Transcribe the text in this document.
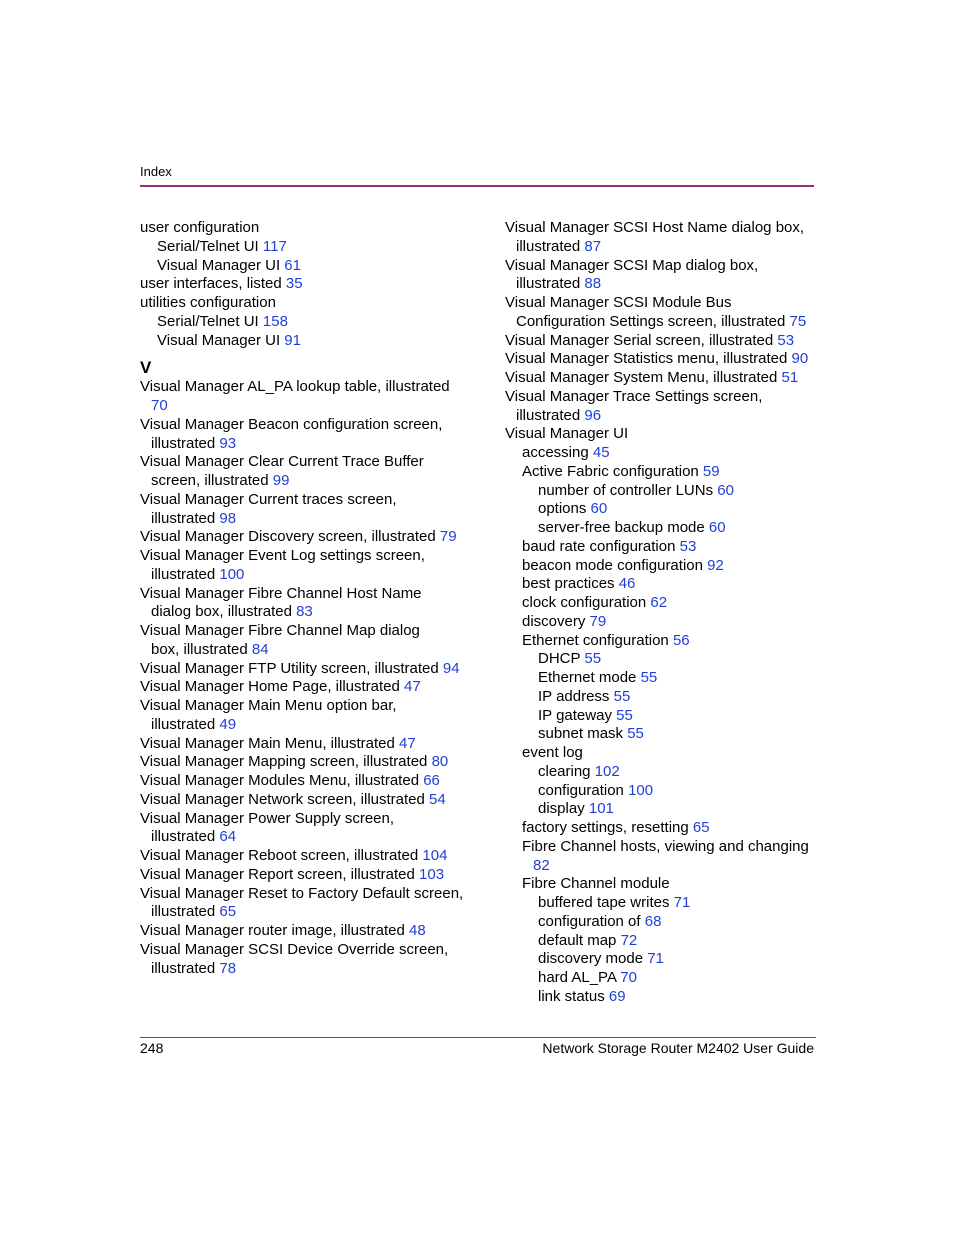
Index
user configuration
Serial/Telnet UI 117
Visual Manager UI 61
user interfaces, listed 35
utilities configuration
Serial/Telnet UI 158
Visual Manager UI 91
V
Visual Manager AL_PA lookup table, illustrated
70
Visual Manager Beacon configuration screen,
illustrated 93
Visual Manager Clear Current Trace Buffer
screen, illustrated 99
Visual Manager Current traces screen,
illustrated 98
Visual Manager Discovery screen, illustrated 79
Visual Manager Event Log settings screen,
illustrated 100
Visual Manager Fibre Channel Host Name
dialog box, illustrated 83
Visual Manager Fibre Channel Map dialog
box, illustrated 84
Visual Manager FTP Utility screen, illustrated 94
Visual Manager Home Page, illustrated 47
Visual Manager Main Menu option bar,
illustrated 49
Visual Manager Main Menu, illustrated 47
Visual Manager Mapping screen, illustrated 80
Visual Manager Modules Menu, illustrated 66
Visual Manager Network screen, illustrated 54
Visual Manager Power Supply screen,
illustrated 64
Visual Manager Reboot screen, illustrated 104
Visual Manager Report screen, illustrated 103
Visual Manager Reset to Factory Default screen,
illustrated 65
Visual Manager router image, illustrated 48
Visual Manager SCSI Device Override screen,
illustrated 78
Visual Manager SCSI Host Name dialog box,
illustrated 87
Visual Manager SCSI Map dialog box,
illustrated 88
Visual Manager SCSI Module Bus
Configuration Settings screen, illustrated 75
Visual Manager Serial screen, illustrated 53
Visual Manager Statistics menu, illustrated 90
Visual Manager System Menu, illustrated 51
Visual Manager Trace Settings screen,
illustrated 96
Visual Manager UI
accessing 45
Active Fabric configuration 59
number of controller LUNs 60
options 60
server-free backup mode 60
baud rate configuration 53
beacon mode configuration 92
best practices 46
clock configuration 62
discovery 79
Ethernet configuration 56
DHCP 55
Ethernet mode 55
IP address 55
IP gateway 55
subnet mask 55
event log
clearing 102
configuration 100
display 101
factory settings, resetting 65
Fibre Channel hosts, viewing and changing
82
Fibre Channel module
buffered tape writes 71
configuration of 68
default map 72
discovery mode 71
hard AL_PA 70
link status 69
248	Network Storage Router M2402 User Guide
